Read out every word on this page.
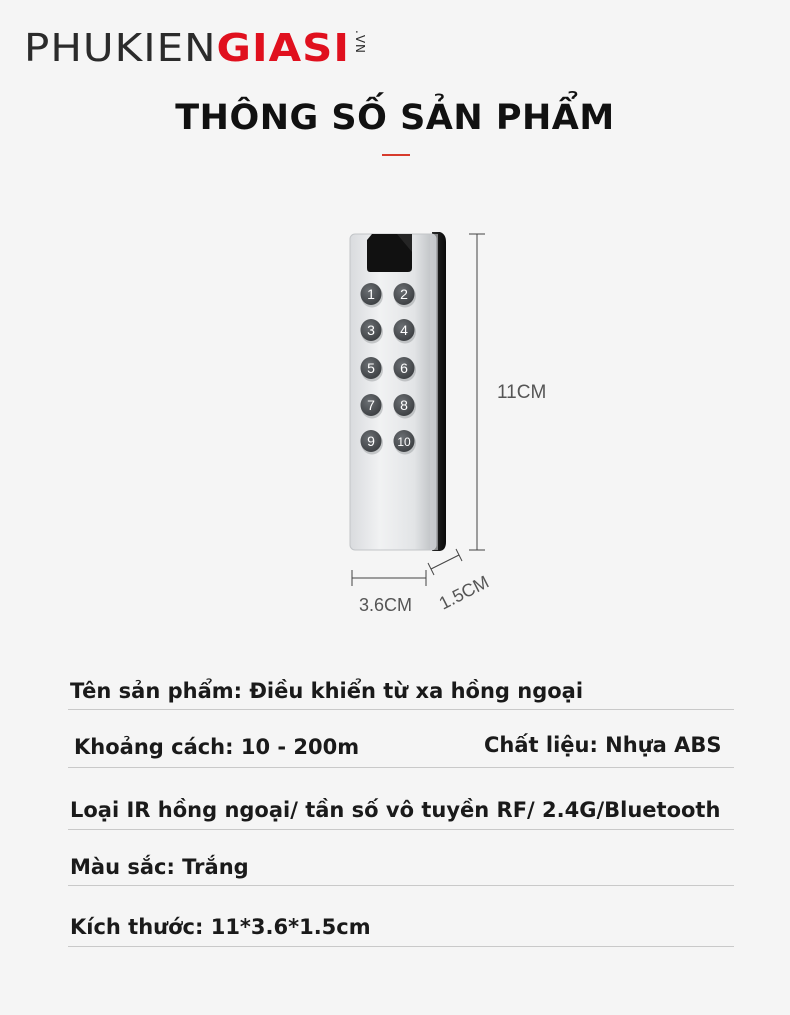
PHUKIEN GIASI .VN
THÔNG SỐ SẢN PHẨM
1 2
3 4
5 6
7 8
9 10
11CM
3.6CM 1.5CM
Tên sản phẩm: Điều khiển từ xa hồng ngoại
Khoảng cách: 10 - 200m	Chất liệu: Nhựa ABS
Loại IR hồng ngoại/ tần số vô tuyền RF/ 2.4G/Bluetooth
Màu sắc: Trắng
Kích thước: 11*3.6*1.5cm
